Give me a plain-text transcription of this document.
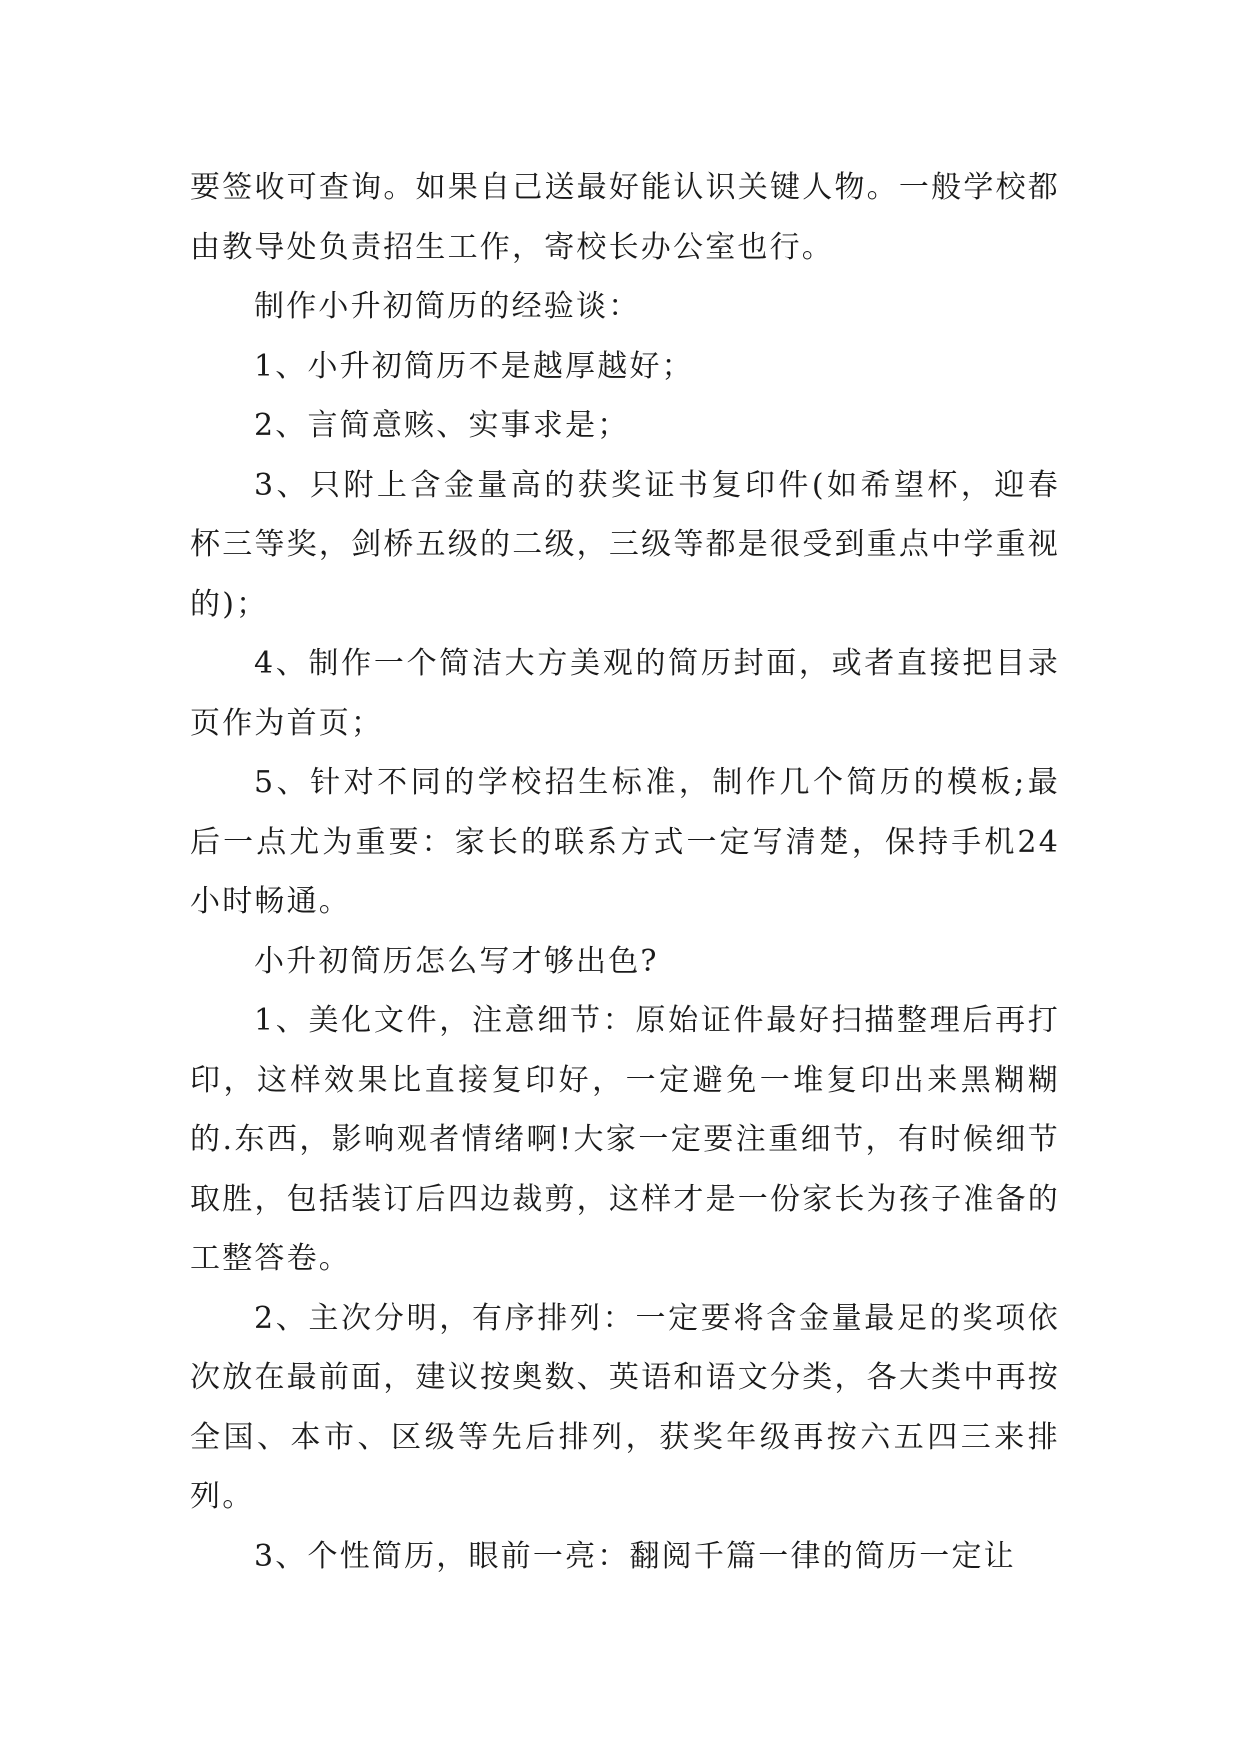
要签收可查询。如果自己送最好能认识关键人物。一般学校都由教导处负责招生工作，寄校长办公室也行。

制作小升初简历的经验谈：

1、小升初简历不是越厚越好；

2、言简意赅、实事求是；

3、只附上含金量高的获奖证书复印件(如希望杯，迎春杯三等奖，剑桥五级的二级，三级等都是很受到重点中学重视的)；

4、制作一个简洁大方美观的简历封面，或者直接把目录页作为首页；

5、针对不同的学校招生标准，制作几个简历的模板;最后一点尤为重要：家长的联系方式一定写清楚，保持手机24小时畅通。

小升初简历怎么写才够出色?

1、美化文件，注意细节：原始证件最好扫描整理后再打印，这样效果比直接复印好，一定避免一堆复印出来黑糊糊的.东西，影响观者情绪啊!大家一定要注重细节，有时候细节取胜，包括装订后四边裁剪，这样才是一份家长为孩子准备的工整答卷。

2、主次分明，有序排列：一定要将含金量最足的奖项依次放在最前面，建议按奥数、英语和语文分类，各大类中再按全国、本市、区级等先后排列，获奖年级再按六五四三来排列。

3、个性简历，眼前一亮：翻阅千篇一律的简历一定让
